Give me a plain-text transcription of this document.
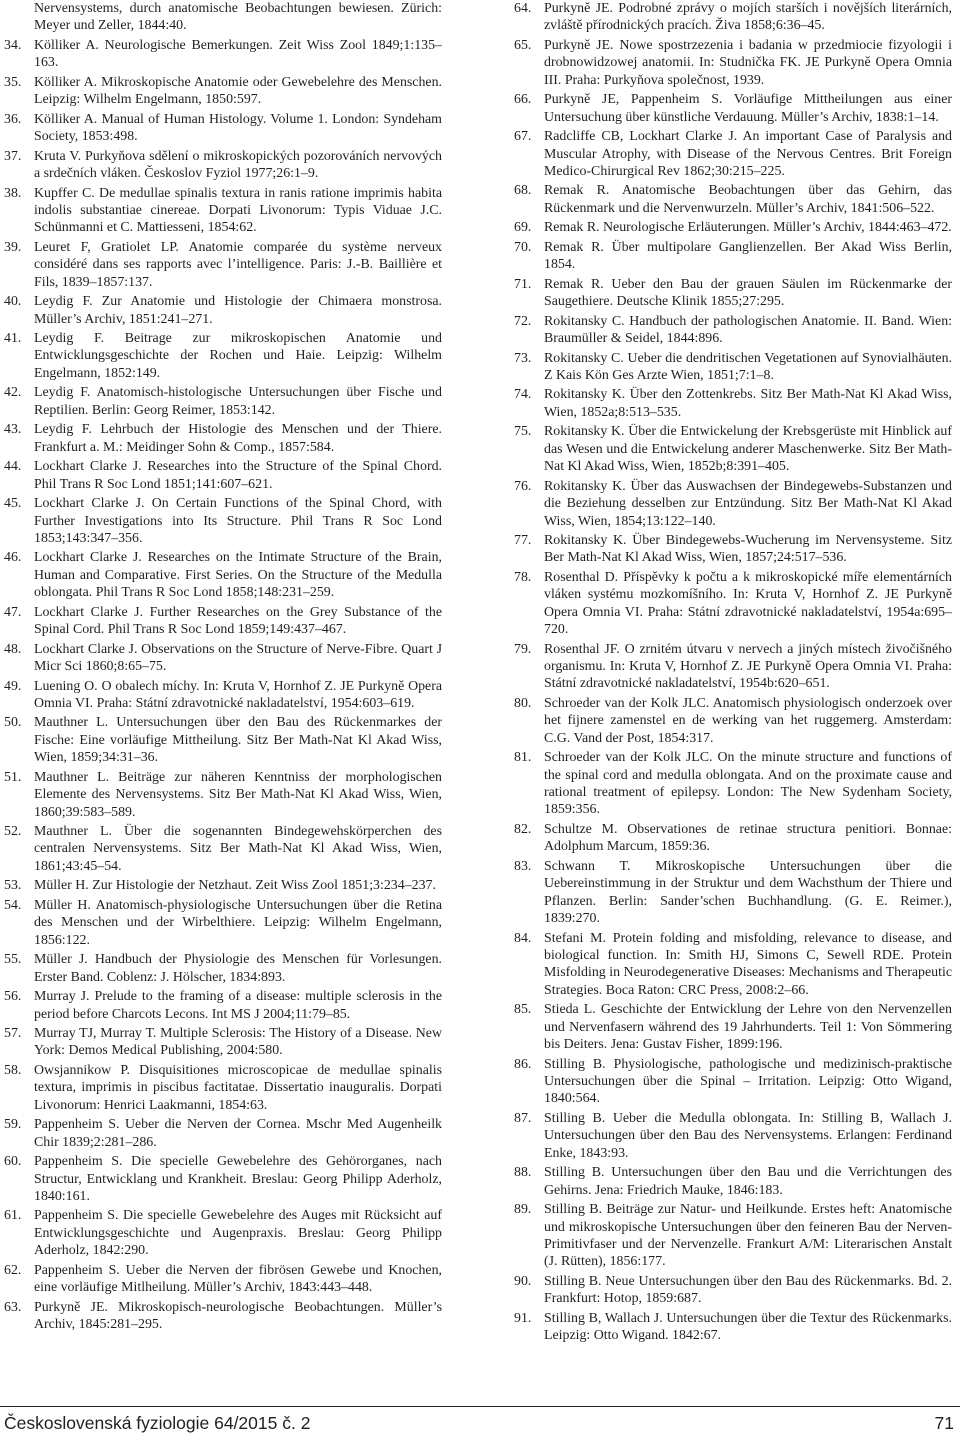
Nervensystems, durch anatomische Beobachtungen bewiesen. Zürich: Meyer und Zeller, 1844:40.
34. Kölliker A. Neurologische Bemerkungen. Zeit Wiss Zool 1849;1:135–163.
35. Kölliker A. Mikroskopische Anatomie oder Gewebelehre des Menschen. Leipzig: Wilhelm Engelmann, 1850:597.
36. Kölliker A. Manual of Human Histology. Volume 1. London: Syndeham Society, 1853:498.
37. Kruta V. Purkyňova sdělení o mikroskopických pozorováních nervových a srdečních vláken. Českoslov Fyziol 1977;26:1–9.
38. Kupffer C. De medullae spinalis textura in ranis ratione imprimis habita indolis substantiae cinereae. Dorpati Livonorum: Typis Viduae J.C. Schünmanni et C. Mattiesseni, 1854:62.
39. Leuret F, Gratiolet LP. Anatomie comparée du système nerveux considéré dans ses rapports avec l’intelligence. Paris: J.-B. Baillière et Fils, 1839–1857:137.
40. Leydig F. Zur Anatomie und Histologie der Chimaera monstrosa. Müller’s Archiv, 1851:241–271.
41. Leydig F. Beitrage zur mikroskopischen Anatomie und Entwicklungsgeschichte der Rochen und Haie. Leipzig: Wilhelm Engelmann, 1852:149.
42. Leydig F. Anatomisch-histologische Untersuchungen über Fische und Reptilien. Berlin: Georg Reimer, 1853:142.
43. Leydig F. Lehrbuch der Histologie des Menschen und der Thiere. Frankfurt a. M.: Meidinger Sohn & Comp., 1857:584.
44. Lockhart Clarke J. Researches into the Structure of the Spinal Chord. Phil Trans R Soc Lond 1851;141:607–621.
45. Lockhart Clarke J. On Certain Functions of the Spinal Chord, with Further Investigations into Its Structure. Phil Trans R Soc Lond 1853;143:347–356.
46. Lockhart Clarke J. Researches on the Intimate Structure of the Brain, Human and Comparative. First Series. On the Structure of the Medulla oblongata. Phil Trans R Soc Lond 1858;148:231–259.
47. Lockhart Clarke J. Further Researches on the Grey Substance of the Spinal Cord. Phil Trans R Soc Lond 1859;149:437–467.
48. Lockhart Clarke J. Observations on the Structure of Nerve-Fibre. Quart J Micr Sci 1860;8:65–75.
49. Luening O. O obalech míchy. In: Kruta V, Hornhof Z. JE Purkyně Opera Omnia VI. Praha: Státní zdravotnické nakladatelství, 1954:603–619.
50. Mauthner L. Untersuchungen über den Bau des Rückenmarkes der Fische: Eine vorläufige Mittheilung. Sitz Ber Math-Nat Kl Akad Wiss, Wien, 1859;34:31–36.
51. Mauthner L. Beiträge zur näheren Kenntniss der morphologischen Elemente des Nervensystems. Sitz Ber Math-Nat Kl Akad Wiss, Wien, 1860;39:583–589.
52. Mauthner L. Über die sogenannten Bindegewehskörperchen des centralen Nervensystems. Sitz Ber Math-Nat Kl Akad Wiss, Wien, 1861;43:45–54.
53. Müller H. Zur Histologie der Netzhaut. Zeit Wiss Zool 1851;3:234–237.
54. Müller H. Anatomisch-physiologische Untersuchungen über die Retina des Menschen und der Wirbelthiere. Leipzig: Wilhelm Engelmann, 1856:122.
55. Müller J. Handbuch der Physiologie des Menschen für Vorlesungen. Erster Band. Coblenz: J. Hölscher, 1834:893.
56. Murray J. Prelude to the framing of a disease: multiple sclerosis in the period before Charcots Lecons. Int MS J 2004;11:79–85.
57. Murray TJ, Murray T. Multiple Sclerosis: The History of a Disease. New York: Demos Medical Publishing, 2004:580.
58. Owsjannikow P. Disquisitiones microscopicae de medullae spinalis textura, imprimis in piscibus factitatae. Dissertatio inauguralis. Dorpati Livonorum: Henrici Laakmanni, 1854:63.
59. Pappenheim S. Ueber die Nerven der Cornea. Mschr Med Augenheilk Chir 1839;2:281–286.
60. Pappenheim S. Die specielle Gewebelehre des Gehörorganes, nach Structur, Entwicklang und Krankheit. Breslau: Georg Philipp Aderholz, 1840:161.
61. Pappenheim S. Die specielle Gewebelehre des Auges mit Rücksicht auf Entwicklungsgeschichte und Augenpraxis. Breslau: Georg Philipp Aderholz, 1842:290.
62. Pappenheim S. Ueber die Nerven der fibrösen Gewebe und Knochen, eine vorläufige Mitlheilung. Müller’s Archiv, 1843:443–448.
63. Purkyně JE. Mikroskopisch-neurologische Beobachtungen. Müller’s Archiv, 1845:281–295.
64. Purkyně JE. Podrobné zprávy o mojích starších i novějších literárních, zvláště přírodnických pracích. Živa 1858;6:36–45.
65. Purkyně JE. Nowe spostrzezenia i badania w przedmiocie fizyologii i drobnowidzowej anatomii. In: Studnička FK. JE Purkyně Opera Omnia III. Praha: Purkyňova společnost, 1939.
66. Purkyně JE, Pappenheim S. Vorläufige Mittheilungen aus einer Untersuchung über künstliche Verdauung. Müller’s Archiv, 1838:1–14.
67. Radcliffe CB, Lockhart Clarke J. An important Case of Paralysis and Muscular Atrophy, with Disease of the Nervous Centres. Brit Foreign Medico-Chirurgical Rev 1862;30:215–225.
68. Remak R. Anatomische Beobachtungen über das Gehirn, das Rückenmark und die Nervenwurzeln. Müller’s Archiv, 1841:506–522.
69. Remak R. Neurologische Erläuterungen. Müller’s Archiv, 1844:463–472.
70. Remak R. Über multipolare Ganglienzellen. Ber Akad Wiss Berlin, 1854.
71. Remak R. Ueber den Bau der grauen Säulen im Rückenmarke der Saugethiere. Deutsche Klinik 1855;27:295.
72. Rokitansky C. Handbuch der pathologischen Anatomie. II. Band. Wien: Braumüller & Seidel, 1844:896.
73. Rokitansky C. Ueber die dendritischen Vegetationen auf Synovialhäuten. Z Kais Kön Ges Arzte Wien, 1851;7:1–8.
74. Rokitansky K. Über den Zottenkrebs. Sitz Ber Math-Nat Kl Akad Wiss, Wien, 1852a;8:513–535.
75. Rokitansky K. Über die Entwickelung der Krebsgerüste mit Hinblick auf das Wesen und die Entwickelung anderer Maschenwerke. Sitz Ber Math-Nat Kl Akad Wiss, Wien, 1852b;8:391–405.
76. Rokitansky K. Über das Auswachsen der Bindegewebs-Substanzen und die Beziehung desselben zur Entzündung. Sitz Ber Math-Nat Kl Akad Wiss, Wien, 1854;13:122–140.
77. Rokitansky K. Über Bindegewebs-Wucherung im Nervensysteme. Sitz Ber Math-Nat Kl Akad Wiss, Wien, 1857;24:517–536.
78. Rosenthal D. Příspěvky k počtu a k mikroskopické míře elementárních vláken systému mozkomíšního. In: Kruta V, Hornhof Z. JE Purkyně Opera Omnia VI. Praha: Státní zdravotnické nakladatelství, 1954a:695–720.
79. Rosenthal JF. O zrnitém útvaru v nervech a jiných místech živočišného organismu. In: Kruta V, Hornhof Z. JE Purkyně Opera Omnia VI. Praha: Státní zdravotnické nakladatelství, 1954b:620–651.
80. Schroeder van der Kolk JLC. Anatomisch physiologisch onderzoek over het fijnere zamenstel en de werking van het ruggemerg. Amsterdam: C.G. Vand der Post, 1854:317.
81. Schroeder van der Kolk JLC. On the minute structure and functions of the spinal cord and medulla oblongata. And on the proximate cause and rational treatment of epilepsy. London: The New Sydenham Society, 1859:356.
82. Schultze M. Observationes de retinae structura penitiori. Bonnae: Adolphum Marcum, 1859:36.
83. Schwann T. Mikroskopische Untersuchungen über die Uebereinstimmung in der Struktur und dem Wachsthum der Thiere und Pflanzen. Berlin: Sander’schen Buchhandlung. (G. E. Reimer.), 1839:270.
84. Stefani M. Protein folding and misfolding, relevance to disease, and biological function. In: Smith HJ, Simons C, Sewell RDE. Protein Misfolding in Neurodegenerative Diseases: Mechanisms and Therapeutic Strategies. Boca Raton: CRC Press, 2008:2–66.
85. Stieda L. Geschichte der Entwicklung der Lehre von den Nervenzellen und Nervenfasern während des 19 Jahrhunderts. Teil 1: Von Sömmering bis Deiters. Jena: Gustav Fisher, 1899:196.
86. Stilling B. Physiologische, pathologische und medizinisch-praktische Untersuchungen über die Spinal – Irritation. Leipzig: Otto Wigand, 1840:564.
87. Stilling B. Ueber die Medulla oblongata. In: Stilling B, Wallach J. Untersuchungen über den Bau des Nervensystems. Erlangen: Ferdinand Enke, 1843:93.
88. Stilling B. Untersuchungen über den Bau und die Verrichtungen des Gehirns. Jena: Friedrich Mauke, 1846:183.
89. Stilling B. Beiträge zur Natur- und Heilkunde. Erstes heft: Anatomische und mikroskopische Untersuchungen über den feineren Bau der Nerven-Primitivfaser und der Nervenzelle. Frankurt A/M: Literarischen Anstalt (J. Rütten), 1856:177.
90. Stilling B. Neue Untersuchungen über den Bau des Rückenmarks. Bd. 2. Frankfurt: Hotop, 1859:687.
91. Stilling B, Wallach J. Untersuchungen über die Textur des Rückenmarks. Leipzig: Otto Wigand. 1842:67.
Československá fyziologie 64/2015 č. 2	71
